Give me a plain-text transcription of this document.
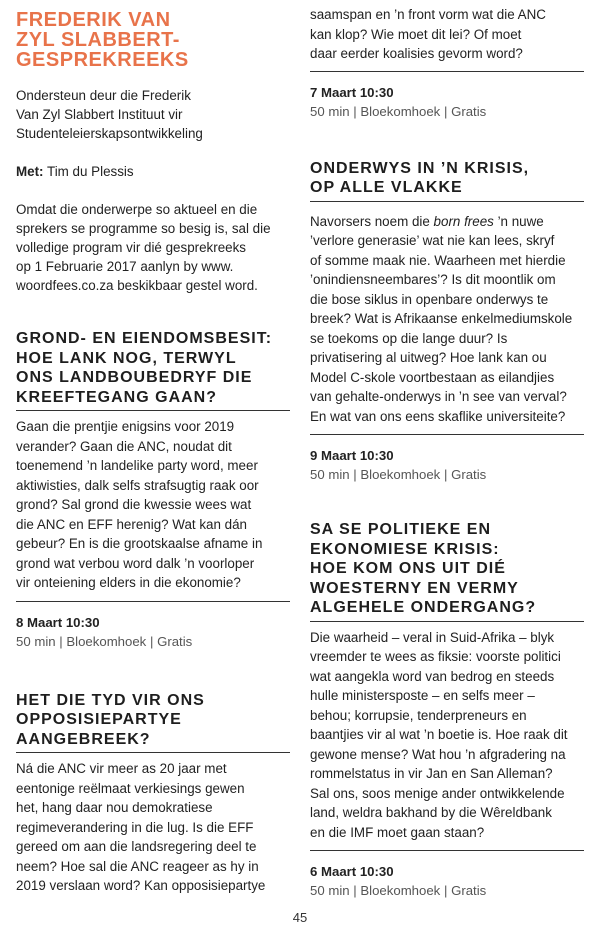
FREDERIK VAN
ZYL SLABBERT-
GESPREKREEKS
Ondersteun deur die Frederik
Van Zyl Slabbert Instituut vir
Studenteleierskapsontwikkeling
Met: Tim du Plessis
Omdat die onderwerpe so aktueel en die
sprekers se programme so besig is, sal die
volledige program vir dié gesprekreeks
op 1 Februarie 2017 aanlyn by www.
woordfees.co.za beskikbaar gestel word.
GROND- EN EIENDOMSBESIT:
HOE LANK NOG, TERWYL
ONS LANDBOUBEDRYF DIE
KREEFTEGANG GAAN?
Gaan die prentjie enigsins voor 2019
verander? Gaan die ANC, noudat dit
toenemend ’n landelike party word, meer
aktiwisties, dalk selfs strafsugtig raak oor
grond? Sal grond die kwessie wees wat
die ANC en EFF herenig? Wat kan dán
gebeur? En is die grootskaalse afname in
grond wat verbou word dalk ’n voorloper
vir onteiening elders in die ekonomie?
8 Maart 10:30
50 min | Bloekomhoek | Gratis
HET DIE TYD VIR ONS
OPPOSISIEPARTYE
AANGEBREEK?
Ná die ANC vir meer as 20 jaar met
eentonige reëlmaat verkiesings gewen
het, hang daar nou demokratiese
regimeverandering in die lug. Is die EFF
gereed om aan die landsregering deel te
neem? Hoe sal die ANC reageer as hy in
2019 verslaan word? Kan opposisiepartye
saamspan en ’n front vorm wat die ANC
kan klop? Wie moet dit lei? Of moet
daar eerder koalisies gevorm word?
7 Maart 10:30
50 min | Bloekomhoek | Gratis
ONDERWYS IN ’N KRISIS,
OP ALLE VLAKKE
Navorsers noem die born frees ’n nuwe
’verlore generasie’ wat nie kan lees, skryf
of somme maak nie. Waarheen met hierdie
’onindiensneembares’? Is dit moontlik om
die bose siklus in openbare onderwys te
breek? Wat is Afrikaanse enkelmediumskole
se toekoms op die lange duur? Is
privatisering al uitweg? Hoe lank kan ou
Model C-skole voortbestaan as eilandjies
van gehalte-onderwys in ’n see van verval?
En wat van ons eens skaflike universiteite?
9 Maart 10:30
50 min | Bloekomhoek | Gratis
SA SE POLITIEKE EN
EKONOMIESE KRISIS:
HOE KOM ONS UIT DIÉ
WOESTERNY EN VERMY
ALGEHELE ONDERGANG?
Die waarheid – veral in Suid-Afrika – blyk
vreemder te wees as fiksie: voorste politici
wat aangekla word van bedrog en steeds
hulle ministersposte – en selfs meer –
behou; korrupsie, tenderpreneurs en
baantjies vir al wat ’n boetie is. Hoe raak dit
gewone mense? Wat hou ’n afgradering na
rommelstatus in vir Jan en San Alleman?
Sal ons, soos menige ander ontwikkelende
land, weldra bakhand by die Wêreldbank
en die IMF moet gaan staan?
6 Maart 10:30
50 min | Bloekomhoek | Gratis
45
